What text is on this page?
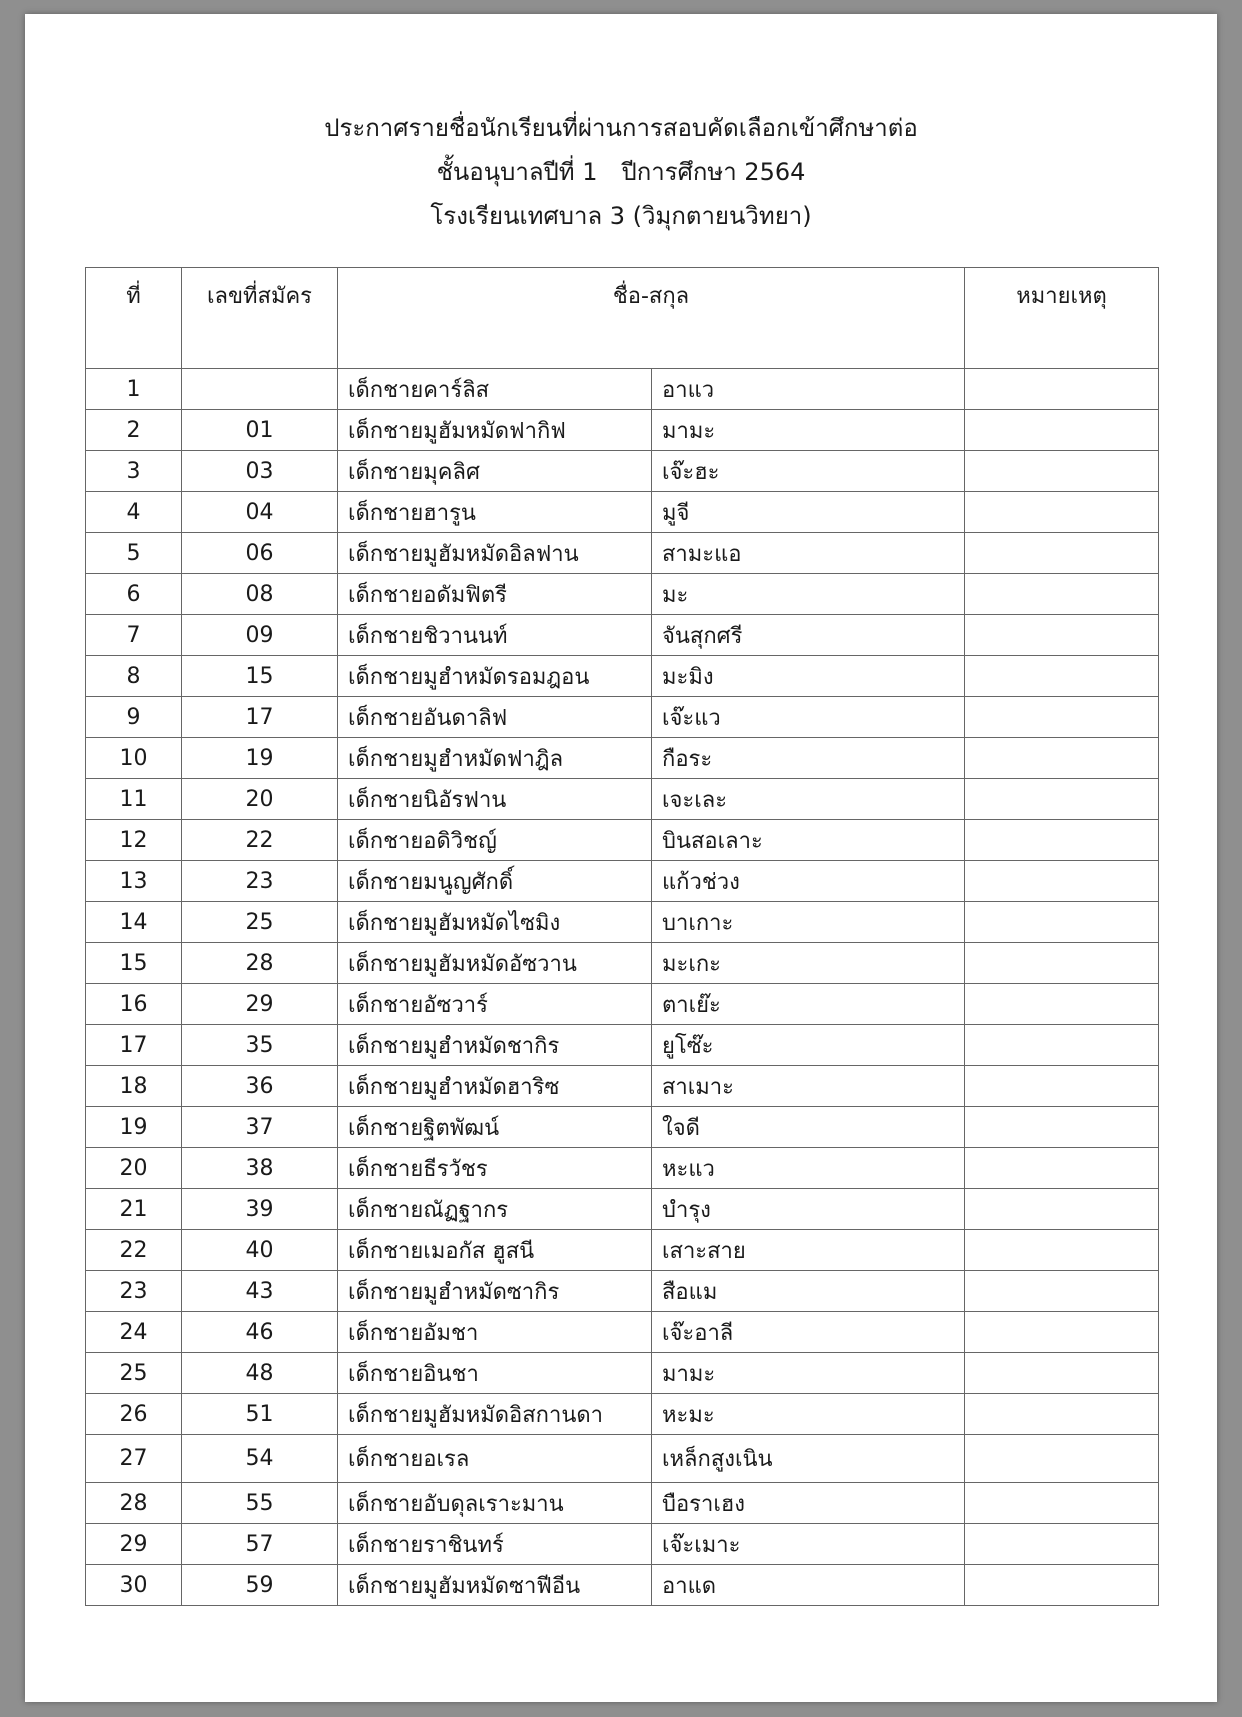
ประกาศรายชื่อนักเรียนที่ผ่านการสอบคัดเลือกเข้าศึกษาต่อ
ชั้นอนุบาลปีที่ 1 ปีการศึกษา 2564
โรงเรียนเทศบาล 3 (วิมุกตายนวิทยา)
ที่	เลขที่สมัคร	ชื่อ-สกุล		หมายเหตุ
1		เด็กชายคาร์ลิส	อาแว	
2	01	เด็กชายมูฮัมหมัดฟากิฟ	มามะ	
3	03	เด็กชายมุคลิศ	เจ๊ะฮะ	
4	04	เด็กชายฮารูน	มูจี	
5	06	เด็กชายมูฮัมหมัดอิลฟาน	สามะแอ	
6	08	เด็กชายอดัมฟิตรี	มะ	
7	09	เด็กชายชิวานนท์	จันสุกศรี	
8	15	เด็กชายมูฮำหมัดรอมฎอน	มะมิง	
9	17	เด็กชายอันดาลิฟ	เจ๊ะแว	
10	19	เด็กชายมูฮำหมัดฟาฎิล	กือระ	
11	20	เด็กชายนิอัรฟาน	เจะเละ	
12	22	เด็กชายอดิวิชญ์	บินสอเลาะ	
13	23	เด็กชายมนูญศักดิ์	แก้วช่วง	
14	25	เด็กชายมูฮัมหมัดไซมิง	บาเกาะ	
15	28	เด็กชายมูฮัมหมัดอัซวาน	มะเกะ	
16	29	เด็กชายอัซวาร์	ตาเย๊ะ	
17	35	เด็กชายมูฮำหมัดชากิร	ยูโซ๊ะ	
18	36	เด็กชายมูฮำหมัดฮาริซ	สาเมาะ	
19	37	เด็กชายฐิตพัฒน์	ใจดี	
20	38	เด็กชายธีรวัชร	หะแว	
21	39	เด็กชายณัฏฐากร	บำรุง	
22	40	เด็กชายเมอกัส ฮูสนี	เสาะสาย	
23	43	เด็กชายมูฮำหมัดซากิร	สือแม	
24	46	เด็กชายอัมชา	เจ๊ะอาลี	
25	48	เด็กชายอินชา	มามะ	
26	51	เด็กชายมูฮัมหมัดอิสกานดา	หะมะ	
27	54	เด็กชายอเรล	เหล็กสูงเนิน	
28	55	เด็กชายอับดุลเราะมาน	บือราเฮง	
29	57	เด็กชายราชินทร์	เจ๊ะเมาะ	
30	59	เด็กชายมูฮัมหมัดซาฟีอีน	อาแด	
